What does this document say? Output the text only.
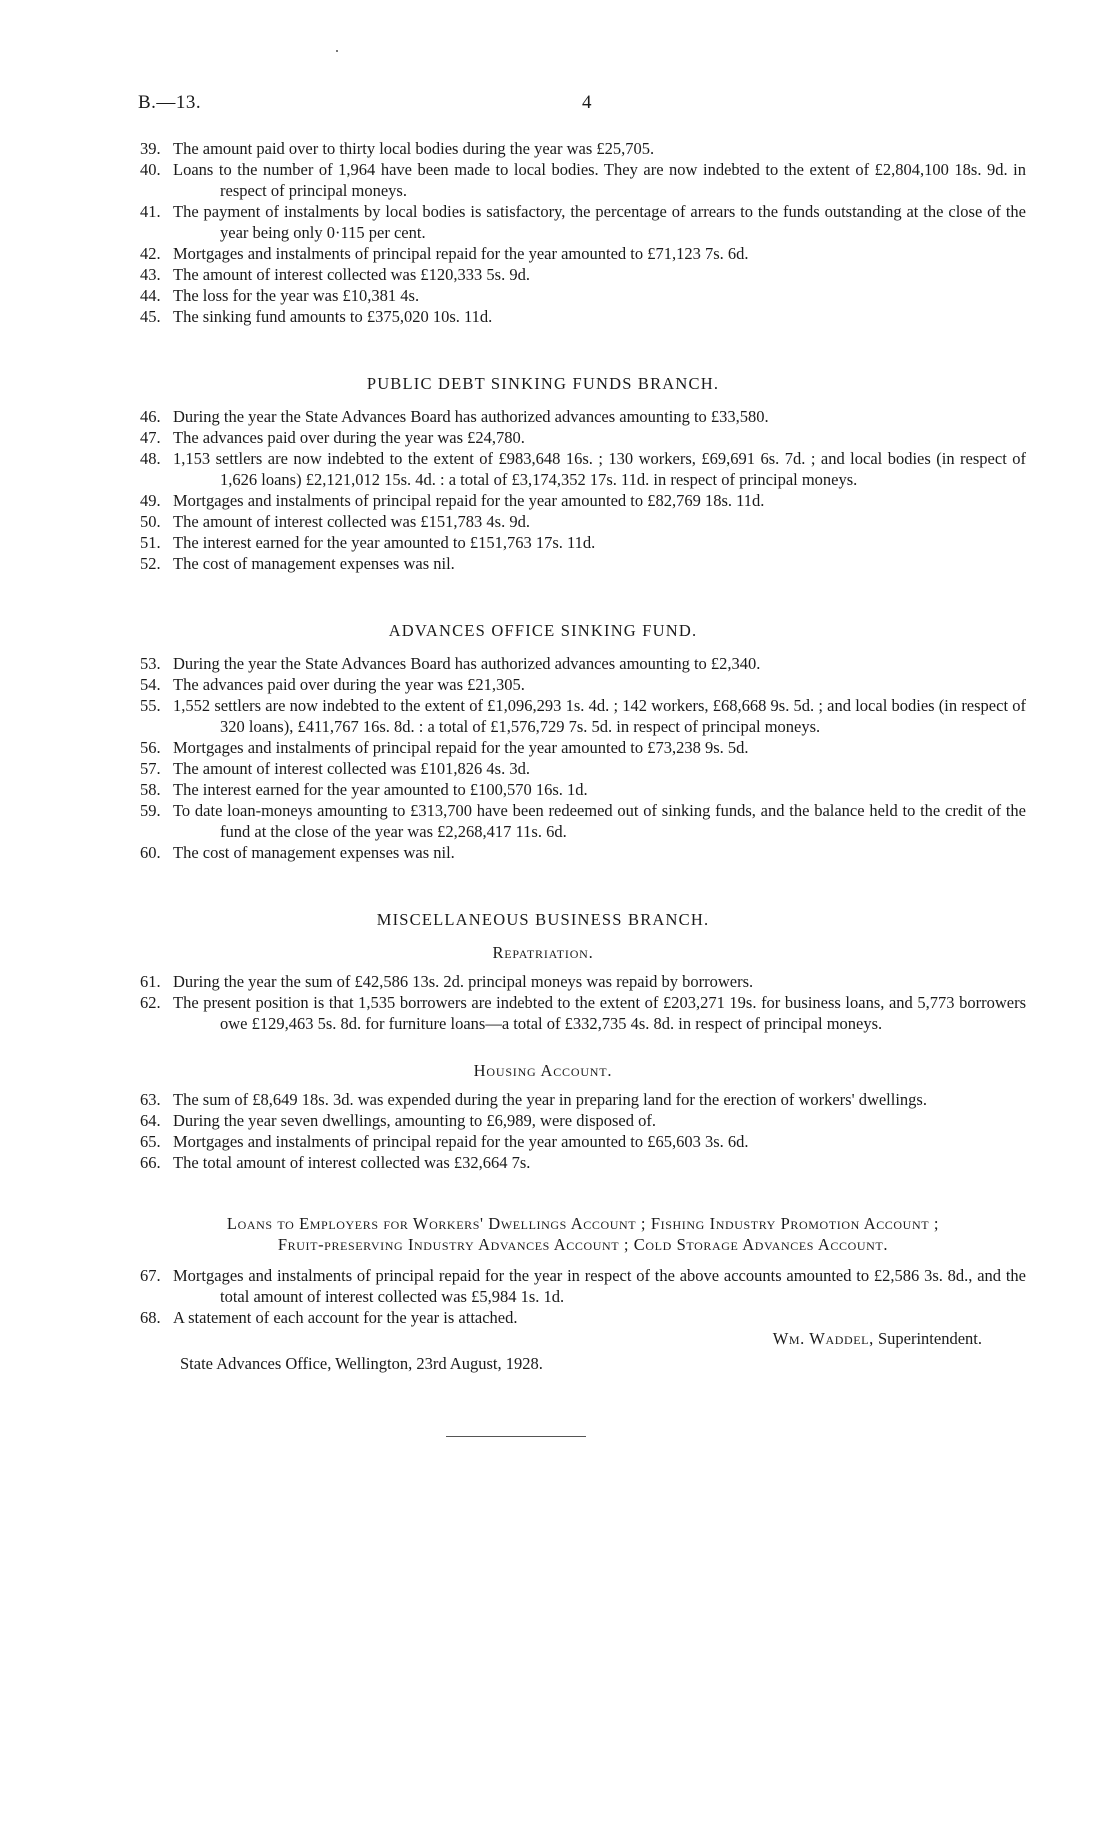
B.—13.	4

39. The amount paid over to thirty local bodies during the year was £25,705.

40. Loans to the number of 1,964 have been made to local bodies. They are now indebted to the extent of £2,804,100 18s. 9d. in respect of principal moneys.

41. The payment of instalments by local bodies is satisfactory, the percentage of arrears to the funds outstanding at the close of the year being only 0·115 per cent.

42. Mortgages and instalments of principal repaid for the year amounted to £71,123 7s. 6d.

43. The amount of interest collected was £120,333 5s. 9d.

44. The loss for the year was £10,381 4s.

45. The sinking fund amounts to £375,020 10s. 11d.

PUBLIC DEBT SINKING FUNDS BRANCH.

46. During the year the State Advances Board has authorized advances amounting to £33,580.

47. The advances paid over during the year was £24,780.

48. 1,153 settlers are now indebted to the extent of £983,648 16s. ; 130 workers, £69,691 6s. 7d. ; and local bodies (in respect of 1,626 loans) £2,121,012 15s. 4d. : a total of £3,174,352 17s. 11d. in respect of principal moneys.

49. Mortgages and instalments of principal repaid for the year amounted to £82,769 18s. 11d.

50. The amount of interest collected was £151,783 4s. 9d.

51. The interest earned for the year amounted to £151,763 17s. 11d.

52. The cost of management expenses was nil.

ADVANCES OFFICE SINKING FUND.

53. During the year the State Advances Board has authorized advances amounting to £2,340.

54. The advances paid over during the year was £21,305.

55. 1,552 settlers are now indebted to the extent of £1,096,293 1s. 4d. ; 142 workers, £68,668 9s. 5d. ; and local bodies (in respect of 320 loans), £411,767 16s. 8d. : a total of £1,576,729 7s. 5d. in respect of principal moneys.

56. Mortgages and instalments of principal repaid for the year amounted to £73,238 9s. 5d.

57. The amount of interest collected was £101,826 4s. 3d.

58. The interest earned for the year amounted to £100,570 16s. 1d.

59. To date loan-moneys amounting to £313,700 have been redeemed out of sinking funds, and the balance held to the credit of the fund at the close of the year was £2,268,417 11s. 6d.

60. The cost of management expenses was nil.

MISCELLANEOUS BUSINESS BRANCH.
Repatriation.

61. During the year the sum of £42,586 13s. 2d. principal moneys was repaid by borrowers.

62. The present position is that 1,535 borrowers are indebted to the extent of £203,271 19s. for business loans, and 5,773 borrowers owe £129,463 5s. 8d. for furniture loans—a total of £332,735 4s. 8d. in respect of principal moneys.

Housing Account.

63. The sum of £8,649 18s. 3d. was expended during the year in preparing land for the erection of workers' dwellings.

64. During the year seven dwellings, amounting to £6,989, were disposed of.

65. Mortgages and instalments of principal repaid for the year amounted to £65,603 3s. 6d.

66. The total amount of interest collected was £32,664 7s.

Loans to Employers for Workers' Dwellings Account ; Fishing Industry Promotion Account ;
Fruit-preserving Industry Advances Account ; Cold Storage Advances Account.

67. Mortgages and instalments of principal repaid for the year in respect of the above accounts amounted to £2,586 3s. 8d., and the total amount of interest collected was £5,984 1s. 1d.

68. A statement of each account for the year is attached.

Wm. Waddel, Superintendent.

State Advances Office, Wellington, 23rd August, 1928.
